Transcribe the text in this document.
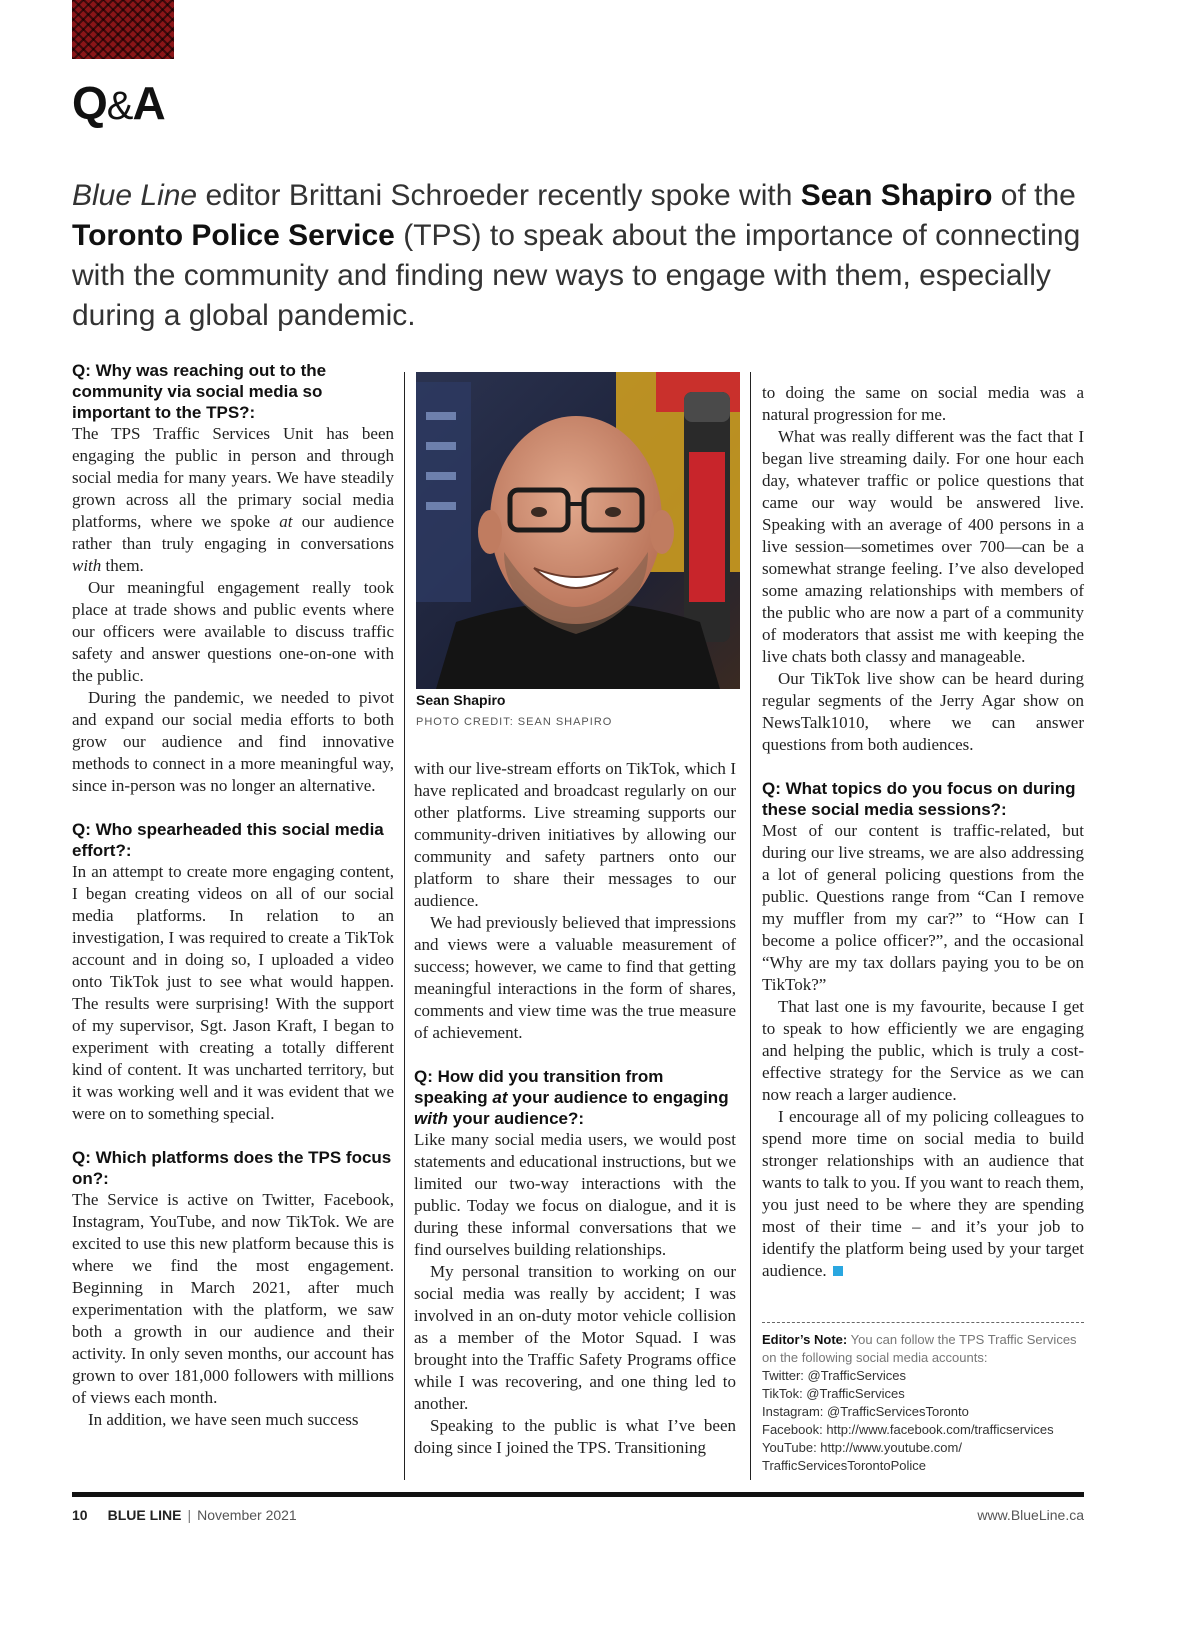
Q&A
Blue Line editor Brittani Schroeder recently spoke with Sean Shapiro of the Toronto Police Service (TPS) to speak about the importance of connecting with the community and finding new ways to engage with them, especially during a global pandemic.
Q: Why was reaching out to the community via social media so important to the TPS?:

The TPS Traffic Services Unit has been engaging the public in person and through social media for many years. We have steadily grown across all the primary social media platforms, where we spoke at our audience rather than truly engaging in conversations with them.

Our meaningful engagement really took place at trade shows and public events where our officers were available to discuss traffic safety and answer questions one-on-one with the public.

During the pandemic, we needed to pivot and expand our social media efforts to both grow our audience and find innovative methods to connect in a more meaningful way, since in-person was no longer an alternative.

Q: Who spearheaded this social media effort?:

In an attempt to create more engaging content, I began creating videos on all of our social media platforms. In relation to an investigation, I was required to create a TikTok account and in doing so, I uploaded a video onto TikTok just to see what would happen. The results were surprising! With the support of my supervisor, Sgt. Jason Kraft, I began to experiment with creating a totally different kind of content. It was uncharted territory, but it was working well and it was evident that we were on to something special.

Q: Which platforms does the TPS focus on?:

The Service is active on Twitter, Facebook, Instagram, YouTube, and now TikTok. We are excited to use this new platform because this is where we find the most engagement. Beginning in March 2021, after much experimentation with the platform, we saw both a growth in our audience and their activity. In only seven months, our account has grown to over 181,000 followers with millions of views each month.

In addition, we have seen much success

Sean Shapiro
PHOTO CREDIT: SEAN SHAPIRO

with our live-stream efforts on TikTok, which I have replicated and broadcast regularly on our other platforms. Live streaming supports our community-driven initiatives by allowing our community and safety partners onto our platform to share their messages to our audience.

We had previously believed that impressions and views were a valuable measurement of success; however, we came to find that getting meaningful interactions in the form of shares, comments and view time was the true measure of achievement.

Q: How did you transition from speaking at your audience to engaging with your audience?:

Like many social media users, we would post statements and educational instructions, but we limited our two-way interactions with the public. Today we focus on dialogue, and it is during these informal conversations that we find ourselves building relationships.

My personal transition to working on our social media was really by accident; I was involved in an on-duty motor vehicle collision as a member of the Motor Squad. I was brought into the Traffic Safety Programs office while I was recovering, and one thing led to another.

Speaking to the public is what I’ve been doing since I joined the TPS. Transitioning

to doing the same on social media was a natural progression for me.

What was really different was the fact that I began live streaming daily. For one hour each day, whatever traffic or police questions that came our way would be answered live. Speaking with an average of 400 persons in a live session—sometimes over 700—can be a somewhat strange feeling. I’ve also developed some amazing relationships with members of the public who are now a part of a community of moderators that assist me with keeping the live chats both classy and manageable.

Our TikTok live show can be heard during regular segments of the Jerry Agar show on NewsTalk1010, where we can answer questions from both audiences.

Q: What topics do you focus on during these social media sessions?:

Most of our content is traffic-related, but during our live streams, we are also addressing a lot of general policing questions from the public. Questions range from “Can I remove my muffler from my car?” to “How can I become a police officer?”, and the occasional “Why are my tax dollars paying you to be on TikTok?”

That last one is my favourite, because I get to speak to how efficiently we are engaging and helping the public, which is truly a cost-effective strategy for the Service as we can now reach a larger audience.

I encourage all of my policing colleagues to spend more time on social media to build stronger relationships with an audience that wants to talk to you. If you want to reach them, you just need to be where they are spending most of their time – and it’s your job to identify the platform being used by your target audience.

Editor’s Note: You can follow the TPS Traffic Services on the following social media accounts:
Twitter: @TrafficServices
TikTok: @TrafficServices
Instagram: @TrafficServicesToronto
Facebook: http://www.facebook.com/trafficservices
YouTube: http://www.youtube.com/
TrafficServicesTorontoPolice
10 BLUE LINE | November 2021	www.BlueLine.ca
